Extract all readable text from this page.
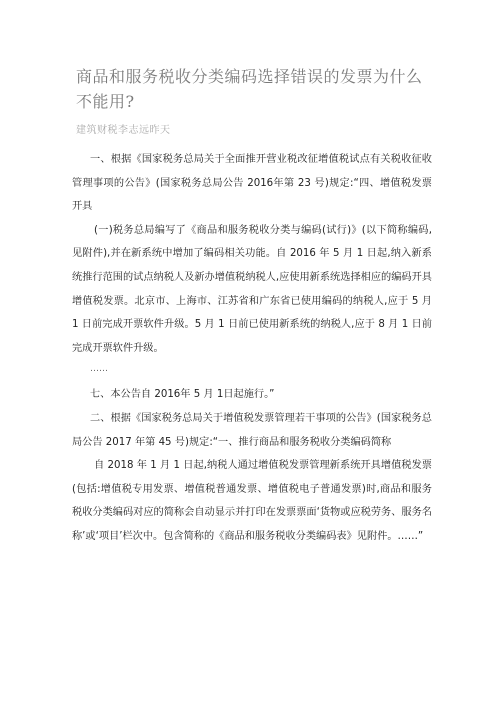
商品和服务税收分类编码选择错误的发票为什么不能用?
建筑财税李志远昨天

一、根据《国家税务总局关于全面推开营业税改征增值税试点有关税收征收管理事项的公告》(国家税务总局公告 2016年第 23 号)规定:“四、增值税发票开具

(一)税务总局编写了《商品和服务税收分类与编码(试行)》(以下简称编码,见附件),并在新系统中增加了编码相关功能。自 2016 年 5 月 1 日起,纳入新系统推行范围的试点纳税人及新办增值税纳税人,应使用新系统选择相应的编码开具增值税发票。北京市、上海市、江苏省和广东省已使用编码的纳税人,应于 5 月 1 日前完成开票软件升级。5 月 1 日前已使用新系统的纳税人,应于 8 月 1 日前完成开票软件升级。

……

七、本公告自 2016年 5 月 1日起施行。”

二、根据《国家税务总局关于增值税发票管理若干事项的公告》(国家税务总局公告 2017 年第 45 号)规定:“一、推行商品和服务税收分类编码简称

自 2018 年 1 月 1 日起,纳税人通过增值税发票管理新系统开具增值税发票(包括:增值税专用发票、增值税普通发票、增值税电子普通发票)时,商品和服务税收分类编码对应的简称会自动显示并打印在发票票面‘货物或应税劳务、服务名称’或‘项目’栏次中。包含简称的《商品和服务税收分类编码表》见附件。……”
